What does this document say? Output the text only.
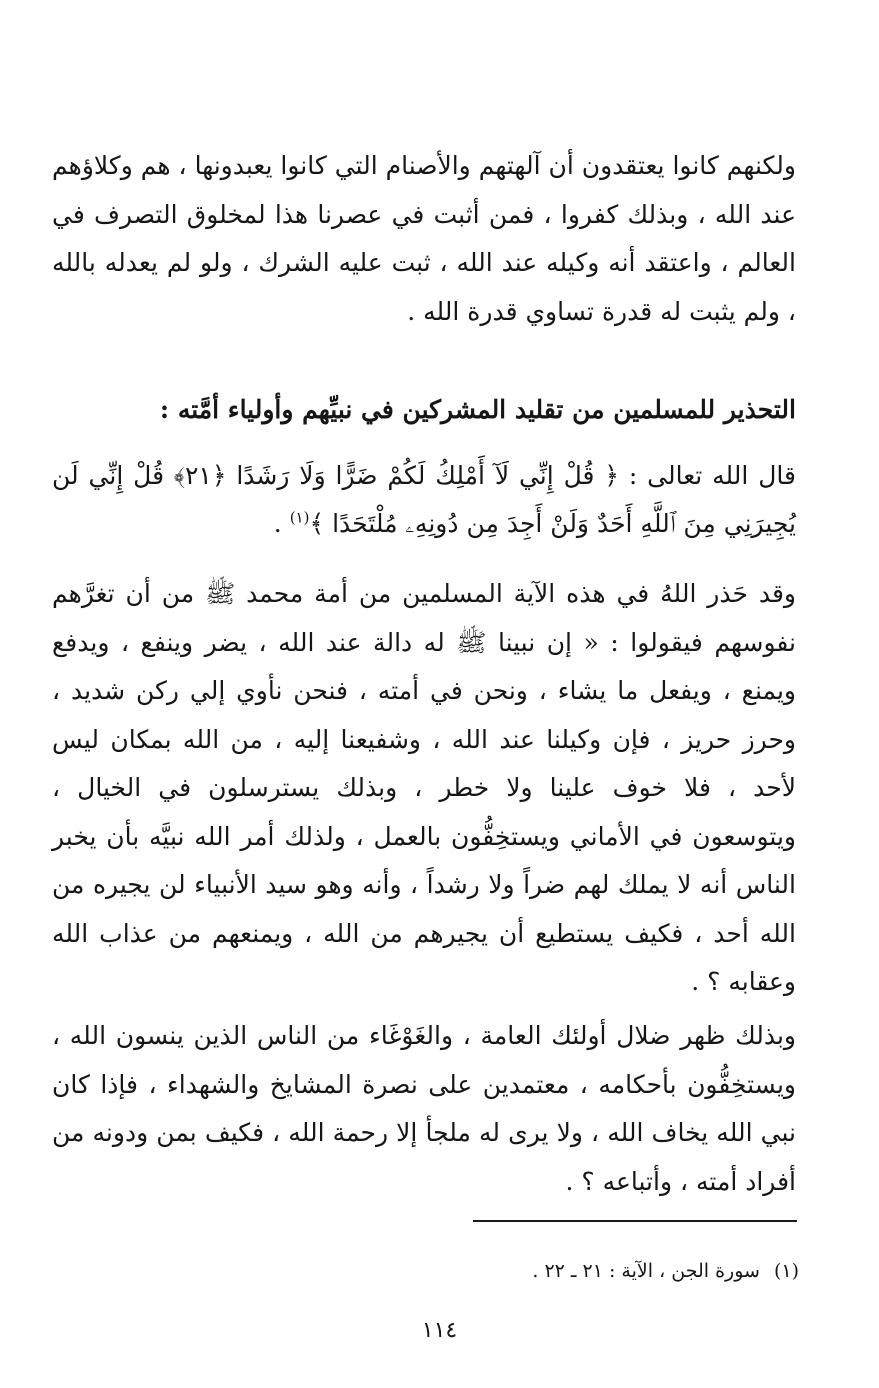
ولكنهم كانوا يعتقدون أن آلهتهم والأصنام التي كانوا يعبدونها ، هم وكلاؤهم عند الله ، وبذلك كفروا ، فمن أثبت في عصرنا هذا لمخلوق التصرف في العالم ، واعتقد أنه وكيله عند الله ، ثبت عليه الشرك ، ولو لم يعدله بالله ، ولم يثبت له قدرة تساوي قدرة الله .

التحذير للمسلمين من تقليد المشركين في نبيِّهم وأولياء أمَّته :

قال الله تعالى : ﴿ قُلْ إِنِّي لَآ أَمْلِكُ لَكُمْ ضَرًّا وَلَا رَشَدًا ﴿٢١﴾ قُلْ إِنِّي لَن يُجِيرَنِي مِنَ ٱللَّهِ أَحَدٌ وَلَنْ أَجِدَ مِن دُونِهِۦ مُلْتَحَدًا ﴾$^{(١)}$ .

وقد حَذر اللهُ في هذه الآية المسلمين من أمة محمد ﷺ من أن تغرَّهم نفوسهم فيقولوا : « إن نبينا ﷺ له دالة عند الله ، يضر وينفع ، ويدفع ويمنع ، ويفعل ما يشاء ، ونحن في أمته ، فنحن نأوي إلي ركن شديد ، وحرز حريز ، فإن وكيلنا عند الله ، وشفيعنا إليه ، من الله بمكان ليس لأحد ، فلا خوف علينا ولا خطر ، وبذلك يسترسلون في الخيال ، ويتوسعون في الأماني ويستخِفُّون بالعمل ، ولذلك أمر الله نبيَّه بأن يخبر الناس أنه لا يملك لهم ضراً ولا رشداً ، وأنه وهو سيد الأنبياء لن يجيره من الله أحد ، فكيف يستطيع أن يجيرهم من الله ، ويمنعهم من عذاب الله وعقابه ؟ .

وبذلك ظهر ضلال أولئك العامة ، والغَوْغَاء من الناس الذين ينسون الله ، ويستخِفُّون بأحكامه ، معتمدين على نصرة المشايخ والشهداء ، فإذا كان نبي الله يخاف الله ، ولا يرى له ملجأ إلا رحمة الله ، فكيف بمن ودونه من أفراد أمته ، وأتباعه ؟ .

(١)سورة الجن ، الآية : ٢١ ـ ٢٢ .
١١٤
